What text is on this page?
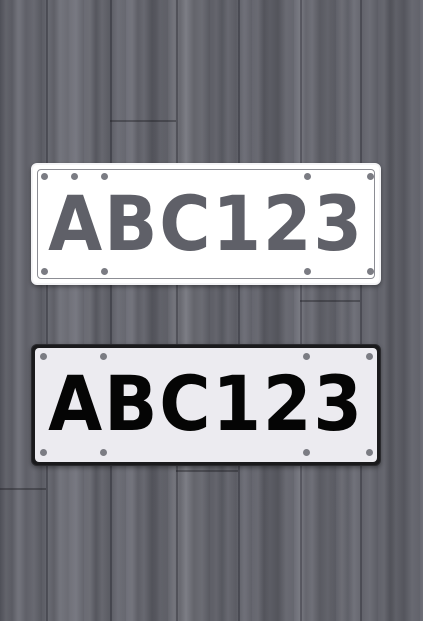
ABC123
ABC123
